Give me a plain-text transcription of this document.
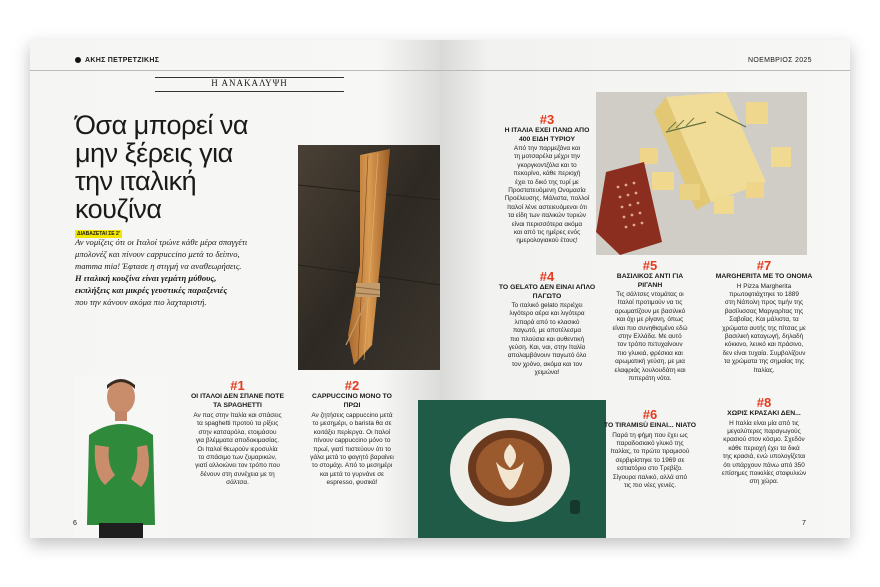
ΑΚΗΣ ΠΕΤΡΕΤΖΙΚΗΣ
Η ΑΝΑΚΑΛΥΨΗ
Όσα μπορεί να
μην ξέρεις για
την ιταλική
κουζίνα
ΔΙΑΒΑΖΕΤΑΙ ΣΕ 2'
Αν νομίζεις ότι οι Ιταλοί τρώνε κάθε μέρα σπαγγέτι
μπολονέζ και πίνουν cappuccino μετά το δείπνο,
mamma mia! Έφτασε η στιγμή να αναθεωρήσεις.
Η ιταλική κουζίνα είναι γεμάτη μύθους,
εκπλήξεις και μικρές γευστικές παραξενιές
που την κάνουν ακόμα πιο λαχταριστή.
#1
ΟΙ ΙΤΑΛΟΙ ΔΕΝ ΣΠΑΝΕ ΠΟΤΕ
ΤΑ SPAGHETTI
Αν πας στην Ιταλία και σπάσεις
τα spaghetti προτού τα ρίξεις
στην κατσαρόλα, ετοιμάσου
για βλέμματα αποδοκιμασίας.
Οι Ιταλοί θεωρούν ιεροσυλία
το σπάσιμο των ζυμαρικών,
γιατί αλλοιώνει τον τρόπο που
δένουν στη συνέχεια με τη
σάλτσα.
#2
CAPPUCCINO ΜΟΝΟ ΤΟ
ΠΡΩΙ
Αν ζητήσεις cappuccino μετά
το μεσημέρι, ο barista θα σε
κοιτάξει περίεργα. Οι Ιταλοί
πίνουν cappuccino μόνο το
πρωί, γιατί πιστεύουν ότι το
γάλα μετά το φαγητό βαραίνει
το στομάχι. Από το μεσημέρι
και μετά το γυρνάνε σε
espresso, φυσικά!
6
ΝΟΕΜΒΡΙΟΣ 2025
#3
Η ΙΤΑΛΙΑ ΕΧΕΙ ΠΑΝΩ ΑΠΟ
400 ΕΙΔΗ ΤΥΡΙΟΥ
Από την παρμεζάνα και
τη μοτσαρέλα μέχρι την
γκοργκοντζόλα και το
πεκορίνο, κάθε περιοχή
έχει το δικό της τυρί με
Προστατευόμενη Ονομασία
Προέλευσης. Μάλιστα, πολλοί
Ιταλοί λένε αστειευόμενοι ότι
τα είδη των ιταλικών τυριών
είναι περισσότερα ακόμα
και από τις ημέρες ενός
ημερολογιακού έτους!
#4
ΤΟ GELATO ΔΕΝ ΕΙΝΑΙ ΑΠΛΟ
ΠΑΓΩΤΟ
Το ιταλικό gelato περιέχει
λιγότερο αέρα και λιγότερα
λιπαρά από το κλασικό
παγωτό, με αποτέλεσμα
πιο πλούσια και αυθεντική
γεύση. Και, ναι, στην Ιταλία
απολαμβάνουν παγωτό όλο
τον χρόνο, ακόμα και τον
χειμώνα!
#5
ΒΑΣΙΛΙΚΟΣ ΑΝΤΙ ΓΙΑ
ΡΙΓΑΝΗ
Τις σάλτσες ντομάτας οι
Ιταλοί προτιμούν να τις
αρωματίζουν με βασιλικό
και όχι με ρίγανη, όπως
είναι πιο συνηθισμένο εδώ
στην Ελλάδα. Με αυτό
τον τρόπο πετυχαίνουν
πιο γλυκιά, φρέσκια και
αρωματική γεύση, με μια
ελαφριάς λουλουδάτη και
πιπεράτη νότα.
#6
ΤΟ TIRAMISÙ ΕΙΝΑΙ... ΝΙΑΤΟ
Παρά τη φήμη που έχει ως
παραδοσιακό γλυκό της
Ιταλίας, το πρώτο τιραμισού
σερβιρίστηκε το 1969 σε
εστιατόριο στο Τρεβίζο.
Σίγουρα ιταλικό, αλλά από
τις πιο νέες γενιές.
#7
MARGHERITA ΜΕ ΤΟ ΟΝΟΜΑ
Η Pizza Margherita
πρωτοφτιάχτηκε το 1889
στη Νάπολη προς τιμήν της
βασίλισσας Μαργαρίτας της
Σαβοΐας. Και μάλιστα, τα
χρώματα αυτής της πίτσας με
βασιλική καταγωγή, δηλαδή
κόκκινο, λευκό και πράσινο,
δεν είναι τυχαία. Συμβολίζουν
τα χρώματα της σημαίας της
Ιταλίας.
#8
ΧΩΡΙΣ ΚΡΑΣΑΚΙ ΔΕΝ...
Η Ιταλία είναι μία από τις
μεγαλύτερες παραγωγούς
κρασιού στον κόσμο. Σχεδόν
κάθε περιοχή έχει τα δικά
της κρασιά, ενώ υπολογίζεται
ότι υπάρχουν πάνω από 350
επίσημες ποικιλίες σταφυλιών
στη χώρα.
7
